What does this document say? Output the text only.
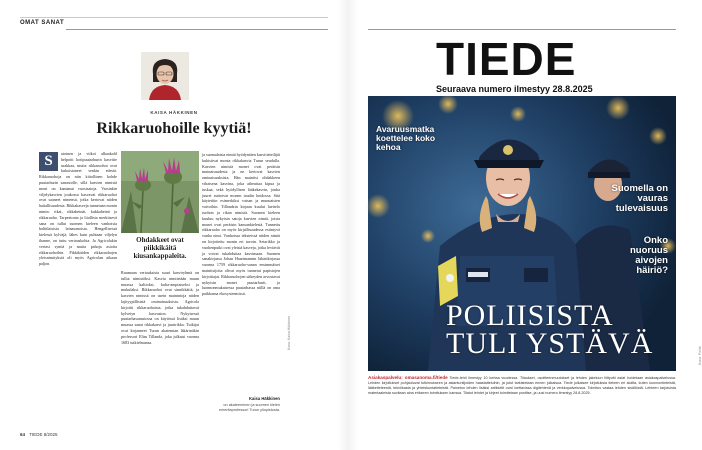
OMAT SANAT
KAISA HÄKKINEN
Rikkaruohoille kyytiä!
S	atoinen ja viikoi alkaakohl helpotti kotipuutarhurin kasvitie urakkaa, mutta rikkaruohot ovat kukoistaneet senkin edestä. Rikkaruohoja on niin kiitollinen kohde puutarhurin sanastolle, sillä kasvien nimistä moni on kantanut vuosisatoja. Varsinkin viljelykasvien joukossa kasvavat rikkaruohot ovat saaneet nimensä, jotka kertovat niiden haitallisuudesta. Rikkakasveja tunnetaan monin nimin: rikat, rikkaheinät, kukkaheinä ja rikkaruoho. Tarpeetonta ja liiallista merkitsevä sana on tullut suomen kieleen vanhoista balttilaisista lainasanoista. Hengellisessä kielessä kylväjä, lähes kuin puhtaan viljelyn ihanne, on tuttu vertauskohta. Ja Agricolakin vertasi syntiä ja muita pahoja asioita rikkaruohoihin. Pikkikäiden rikkaruohojen yleisnimityksiä oli myös Agricolan aikaan paljon.
Ohdakkeet ovat piikkikäitä kiusankappaleita.
Ruumaan vertauksista suuri kasviryhmä on tullut nimistöksi. Kasvia nimitetään muun muassa kaltioksi, kulta-ampiaiseksi ja mukulaksi. Rikkaruohot ovat sinnikkäitä, ja kasvien nimissä on usein mainintoja niiden lajityypillisistä ominaisuuksista. Agricola kirjoitti rikkaruohoista, jotka tukahduttavat kylvetyn kasvuston. Nykyisessä puutarhasanastossa on käytössä lisäksi muun muassa sanat rikkakasvi ja juuririkka. Tutkijat ovat kirjanneet Turun akatemian läkärinäkin professori Elias Tillandz, joka julkaisi vuonna 1683 tutkielmansa.
ja suomalaisia nimiä hyödyntäen kasvitieteilijät kukistivat monta rikkakasvia Turun seudulla. Kasvien nimistä monet ovat peräisin muinaisuudesta ja ne kertovat kasvien ominaisuuksista. Hän mainitsi ohdakkeen vihaisena kasvina, joka aiheuttaa kipua ja tuskaa, sekä hyödyllisen lääkekasvin, jonka juuret auttoivat monen taudin hoidossa. Sitä käytettiin esimerkiksi vatsan ja munuaisten vaivoihin. Tillandzin kirjaan kuului luettelo ruohon ja rikan nimistä. Suomen kieleen kuuluu nykyisin satoja kasvien nimiä, joista monet ovat peräisin kansankielestä. Tunnettu rikkaruoho on myös kirjallisuudessa esiintyvä vanha nimi. Vanhoissa teksteissä niiden nimiä on kirjoitettu monin eri tavoin. Setarikko ja vuohenputki ovat yleisiä kasveja, jotka leviävät ja voivat tukahduttaa kasvimaan. Suomen sanakirjassa Johan Haartmannin läkärikirjassa vuonna 1759 rikkaruoho-sanan ensimmäiset mainitsijoita olivat myös tunnetut papistojen kirjoittajat. Rikkaruohojen sitkeyden arvostavat nykyisin monet puutarhurit, ja luonnonmukaisessa puutarhassa niillä on oma paikkansa ekosysteemissä.
Kaisa Häkkinen
on akateeminen ja suomen kielen emeritaprofessori Turun yliopistosta.
Kuva: Kaisa Häkkinen
64 TIEDE 8/2025
TIEDE
Seuraava numero ilmestyy 28.8.2025
Avaruusmatka koettelee koko kehoa
Suomella on vauras tulevaisuus
Onko nuoruus aivojen häiriö?
POLIISISTA TULI YSTÄVÄ	Kuva: Poliisi
Asiakaspalvelu: omasanoma.fi/tiede Tiede-lehti ilmestyy 10 kertaa vuodessa. Tilaukset, osoitteenmuutokset ja lehden jakeluun liittyvät asiat hoidetaan asiakaspalvelussa. Lehden kirjoitukset pohjautuvat tutkimukseen ja asiantuntijoiden haastatteluihin, ja jutut tarkistetaan ennen julkaisua. Tiede julkaisee kirjoituksia tieteen eri aloilta, kuten luonnontieteistä, lääketieteestä, tekniikasta ja yhteiskuntatieteistä. Painetun lehden lisäksi artikkelit ovat luettavissa digilehtenä ja verkkopalvelussa. Toimitus vastaa lehden sisällöstä. Lehteen tarjotuista materiaaleista sovitaan aina erikseen toimituksen kanssa. Tilatut lehdet ja kirjeet toimitetaan postitse, ja uusi numero ilmestyy 28.8.2025.
